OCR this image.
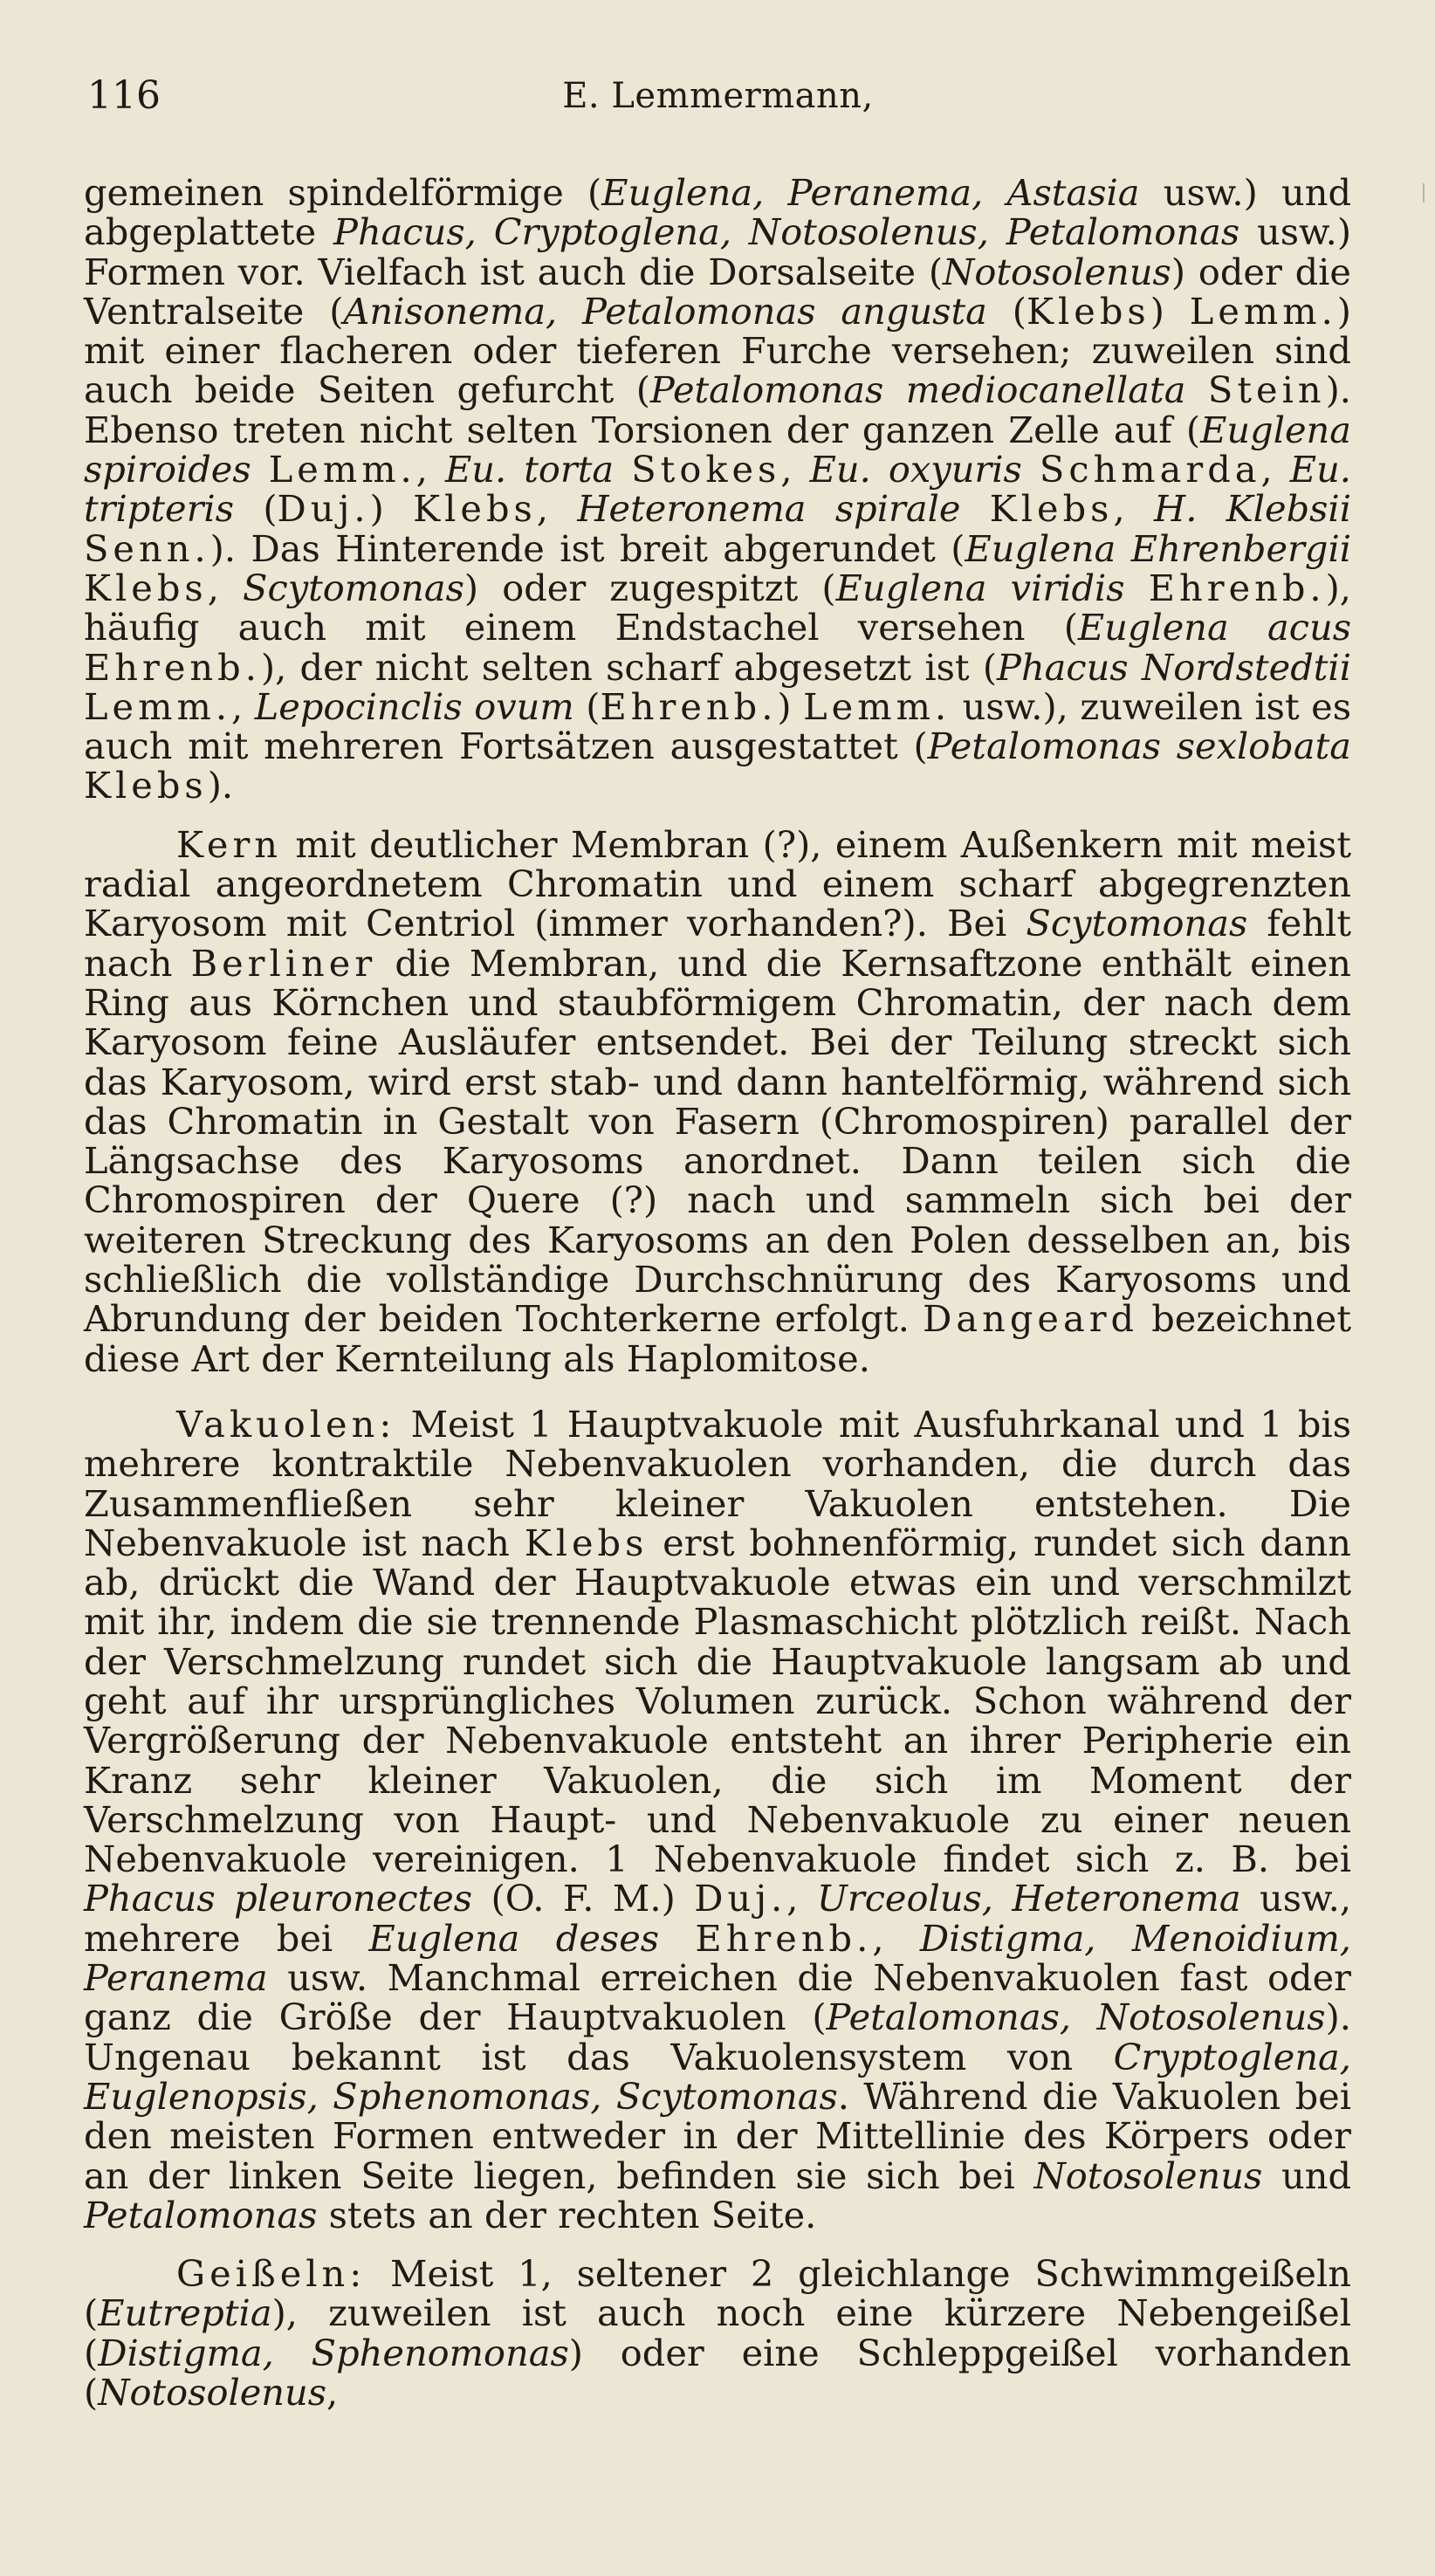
116	E. Lemmermann,

gemeinen spindelförmige (Euglena, Peranema, Astasia usw.) und abgeplattete Phacus, Cryptoglena, Notosolenus, Petalomonas usw.) Formen vor. Vielfach ist auch die Dorsalseite (Notosolenus) oder die Ventralseite (Anisonema, Petalomonas angusta (Klebs) Lemm.) mit einer flacheren oder tieferen Furche versehen; zuweilen sind auch beide Seiten gefurcht (Petalomonas mediocanellata Stein). Ebenso treten nicht selten Torsionen der ganzen Zelle auf (Euglena spiroides Lemm., Eu. torta Stokes, Eu. oxyuris Schmarda, Eu. tripteris (Duj.) Klebs, Heteronema spirale Klebs, H. Klebsii Senn.). Das Hinterende ist breit abgerundet (Euglena Ehrenbergii Klebs, Scytomonas) oder zugespitzt (Euglena viridis Ehrenb.), häufig auch mit einem Endstachel versehen (Euglena acus Ehrenb.), der nicht selten scharf abgesetzt ist (Phacus Nordstedtii Lemm., Lepocinclis ovum (Ehrenb.) Lemm. usw.), zuweilen ist es auch mit mehreren Fortsätzen ausgestattet (Petalomonas sexlobata Klebs).

Kern mit deutlicher Membran (?), einem Außenkern mit meist radial angeordnetem Chromatin und einem scharf abgegrenzten Karyosom mit Centriol (immer vorhanden?). Bei Scytomonas fehlt nach Berliner die Membran, und die Kernsaftzone enthält einen Ring aus Körnchen und staubförmigem Chromatin, der nach dem Karyosom feine Ausläufer entsendet. Bei der Teilung streckt sich das Karyosom, wird erst stab- und dann hantelförmig, während sich das Chromatin in Gestalt von Fasern (Chromospiren) parallel der Längsachse des Karyosoms anordnet. Dann teilen sich die Chromospiren der Quere (?) nach und sammeln sich bei der weiteren Streckung des Karyosoms an den Polen desselben an, bis schließlich die vollständige Durchschnürung des Karyosoms und Abrundung der beiden Tochterkerne erfolgt. Dangeard bezeichnet diese Art der Kernteilung als Haplomitose.

Vakuolen: Meist 1 Hauptvakuole mit Ausfuhrkanal und 1 bis mehrere kontraktile Nebenvakuolen vorhanden, die durch das Zusammenfließen sehr kleiner Vakuolen entstehen. Die Nebenvakuole ist nach Klebs erst bohnenförmig, rundet sich dann ab, drückt die Wand der Hauptvakuole etwas ein und verschmilzt mit ihr, indem die sie trennende Plasmaschicht plötzlich reißt. Nach der Verschmelzung rundet sich die Hauptvakuole langsam ab und geht auf ihr ursprüngliches Volumen zurück. Schon während der Vergrößerung der Nebenvakuole entsteht an ihrer Peripherie ein Kranz sehr kleiner Vakuolen, die sich im Moment der Verschmelzung von Haupt- und Nebenvakuole zu einer neuen Nebenvakuole vereinigen. 1 Nebenvakuole findet sich z. B. bei Phacus pleuronectes (O. F. M.) Duj., Urceolus, Heteronema usw., mehrere bei Euglena deses Ehrenb., Distigma, Menoidium, Peranema usw. Manchmal erreichen die Nebenvakuolen fast oder ganz die Größe der Hauptvakuolen (Petalomonas, Notosolenus). Ungenau bekannt ist das Vakuolensystem von Cryptoglena, Euglenopsis, Sphenomonas, Scytomonas. Während die Vakuolen bei den meisten Formen entweder in der Mittellinie des Körpers oder an der linken Seite liegen, befinden sie sich bei Notosolenus und Petalomonas stets an der rechten Seite.

Geißeln: Meist 1, seltener 2 gleichlange Schwimmgeißeln (Eutreptia), zuweilen ist auch noch eine kürzere Nebengeißel (Distigma, Sphenomonas) oder eine Schleppgeißel vorhanden (Notosolenus,
